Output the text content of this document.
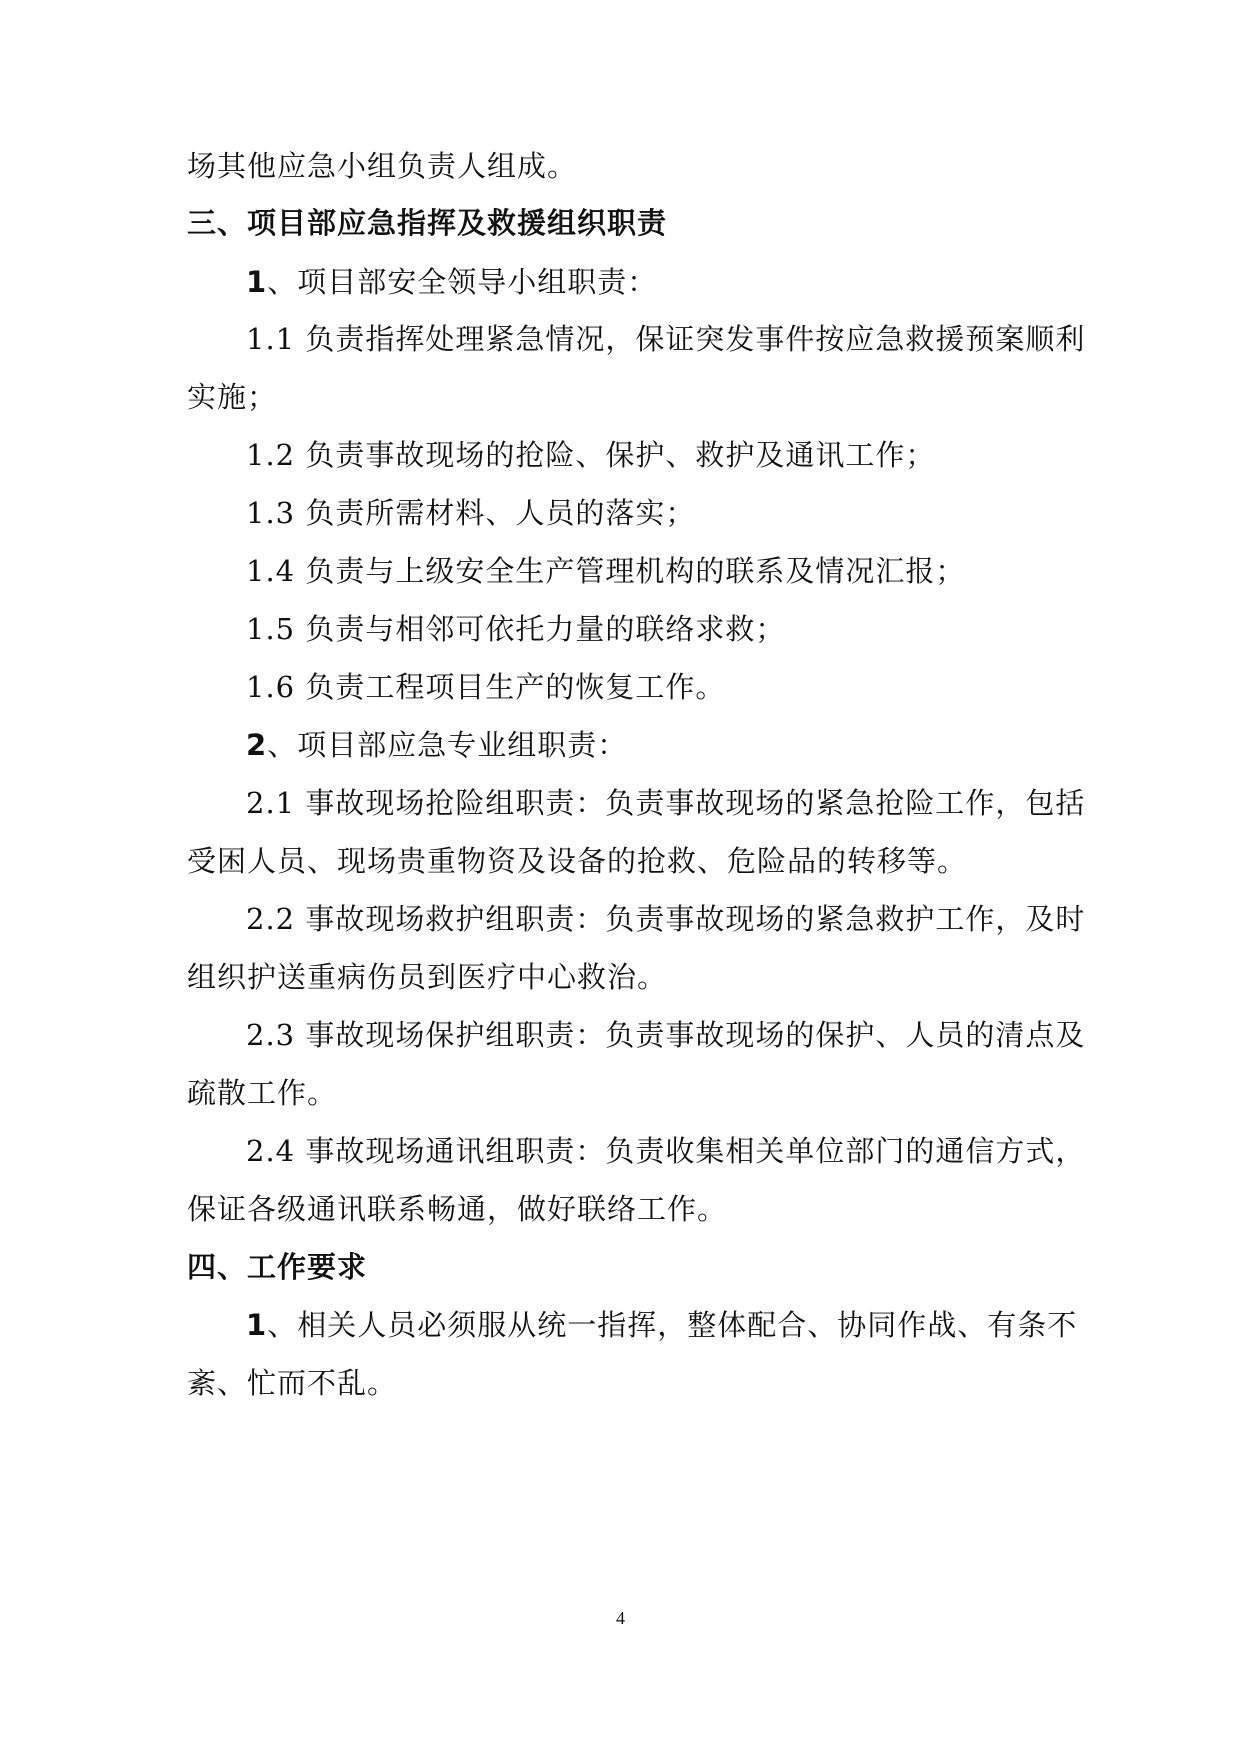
场其他应急小组负责人组成。
三、项目部应急指挥及救援组织职责
1、项目部安全领导小组职责：
1.1 负责指挥处理紧急情况，保证突发事件按应急救援预案顺利
实施；
1.2 负责事故现场的抢险、保护、救护及通讯工作；
1.3 负责所需材料、人员的落实；
1.4 负责与上级安全生产管理机构的联系及情况汇报；
1.5 负责与相邻可依托力量的联络求救；
1.6 负责工程项目生产的恢复工作。
2、项目部应急专业组职责：
2.1 事故现场抢险组职责：负责事故现场的紧急抢险工作，包括
受困人员、现场贵重物资及设备的抢救、危险品的转移等。
2.2 事故现场救护组职责：负责事故现场的紧急救护工作，及时
组织护送重病伤员到医疗中心救治。
2.3 事故现场保护组职责：负责事故现场的保护、人员的清点及
疏散工作。
2.4 事故现场通讯组职责：负责收集相关单位部门的通信方式，
保证各级通讯联系畅通，做好联络工作。
四、工作要求
1、相关人员必须服从统一指挥，整体配合、协同作战、有条不
紊、忙而不乱。
4
